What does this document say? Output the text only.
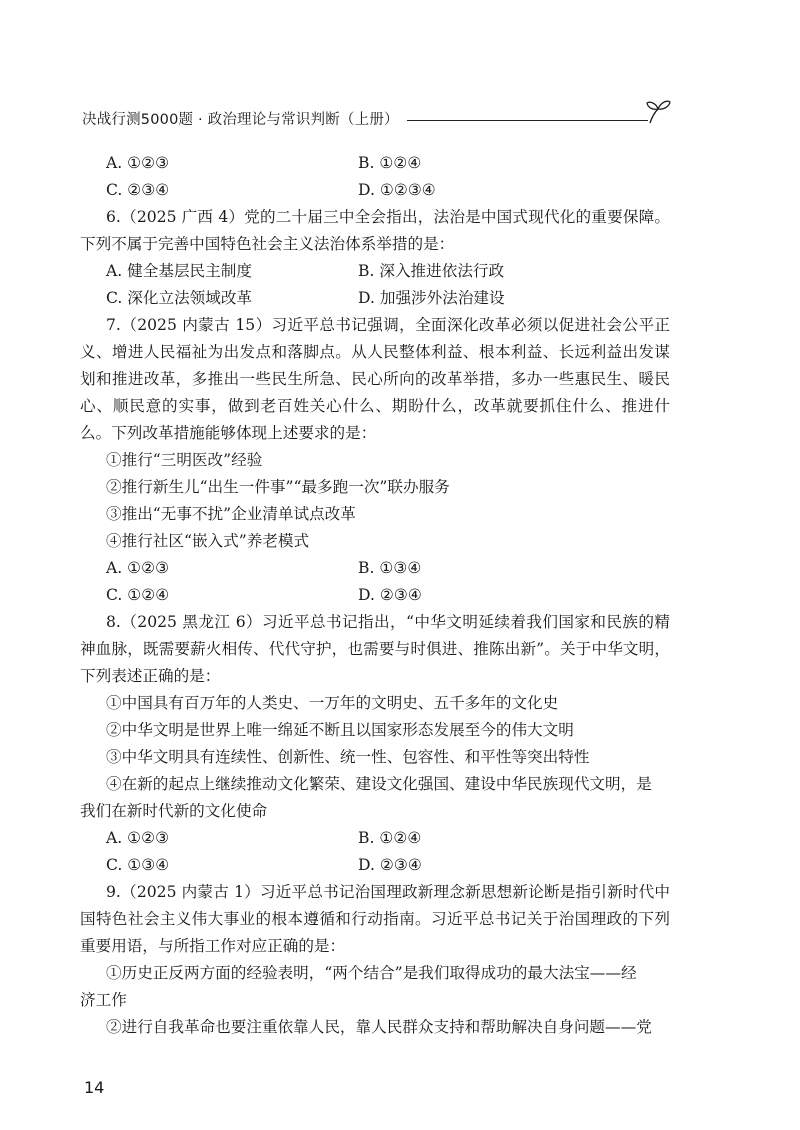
决战行测5000题 · 政治理论与常识判断（上册）
A. ①②③	B. ①②④
C. ②③④	D. ①②③④
6.（2025 广西 4）党的二十届三中全会指出，法治是中国式现代化的重要保障。下列不属于完善中国特色社会主义法治体系举措的是：
A. 健全基层民主制度	B. 深入推进依法行政
C. 深化立法领域改革	D. 加强涉外法治建设
7.（2025 内蒙古 15）习近平总书记强调，全面深化改革必须以促进社会公平正义、增进人民福祉为出发点和落脚点。从人民整体利益、根本利益、长远利益出发谋划和推进改革，多推出一些民生所急、民心所向的改革举措，多办一些惠民生、暖民心、顺民意的实事，做到老百姓关心什么、期盼什么，改革就要抓住什么、推进什么。下列改革措施能够体现上述要求的是：
①推行“三明医改”经验
②推行新生儿“出生一件事”“最多跑一次”联办服务
③推出“无事不扰”企业清单试点改革
④推行社区“嵌入式”养老模式
A. ①②③	B. ①③④
C. ①②④	D. ②③④
8.（2025 黑龙江 6）习近平总书记指出，“中华文明延续着我们国家和民族的精神血脉，既需要薪火相传、代代守护，也需要与时俱进、推陈出新”。关于中华文明，下列表述正确的是：
①中国具有百万年的人类史、一万年的文明史、五千多年的文化史
②中华文明是世界上唯一绵延不断且以国家形态发展至今的伟大文明
③中华文明具有连续性、创新性、统一性、包容性、和平性等突出特性
④在新的起点上继续推动文化繁荣、建设文化强国、建设中华民族现代文明，是
我们在新时代新的文化使命
A. ①②③	B. ①②④
C. ①③④	D. ②③④
9.（2025 内蒙古 1）习近平总书记治国理政新理念新思想新论断是指引新时代中国特色社会主义伟大事业的根本遵循和行动指南。习近平总书记关于治国理政的下列重要用语，与所指工作对应正确的是：
①历史正反两方面的经验表明，“两个结合”是我们取得成功的最大法宝——经
济工作
②进行自我革命也要注重依靠人民，靠人民群众支持和帮助解决自身问题——党
14
